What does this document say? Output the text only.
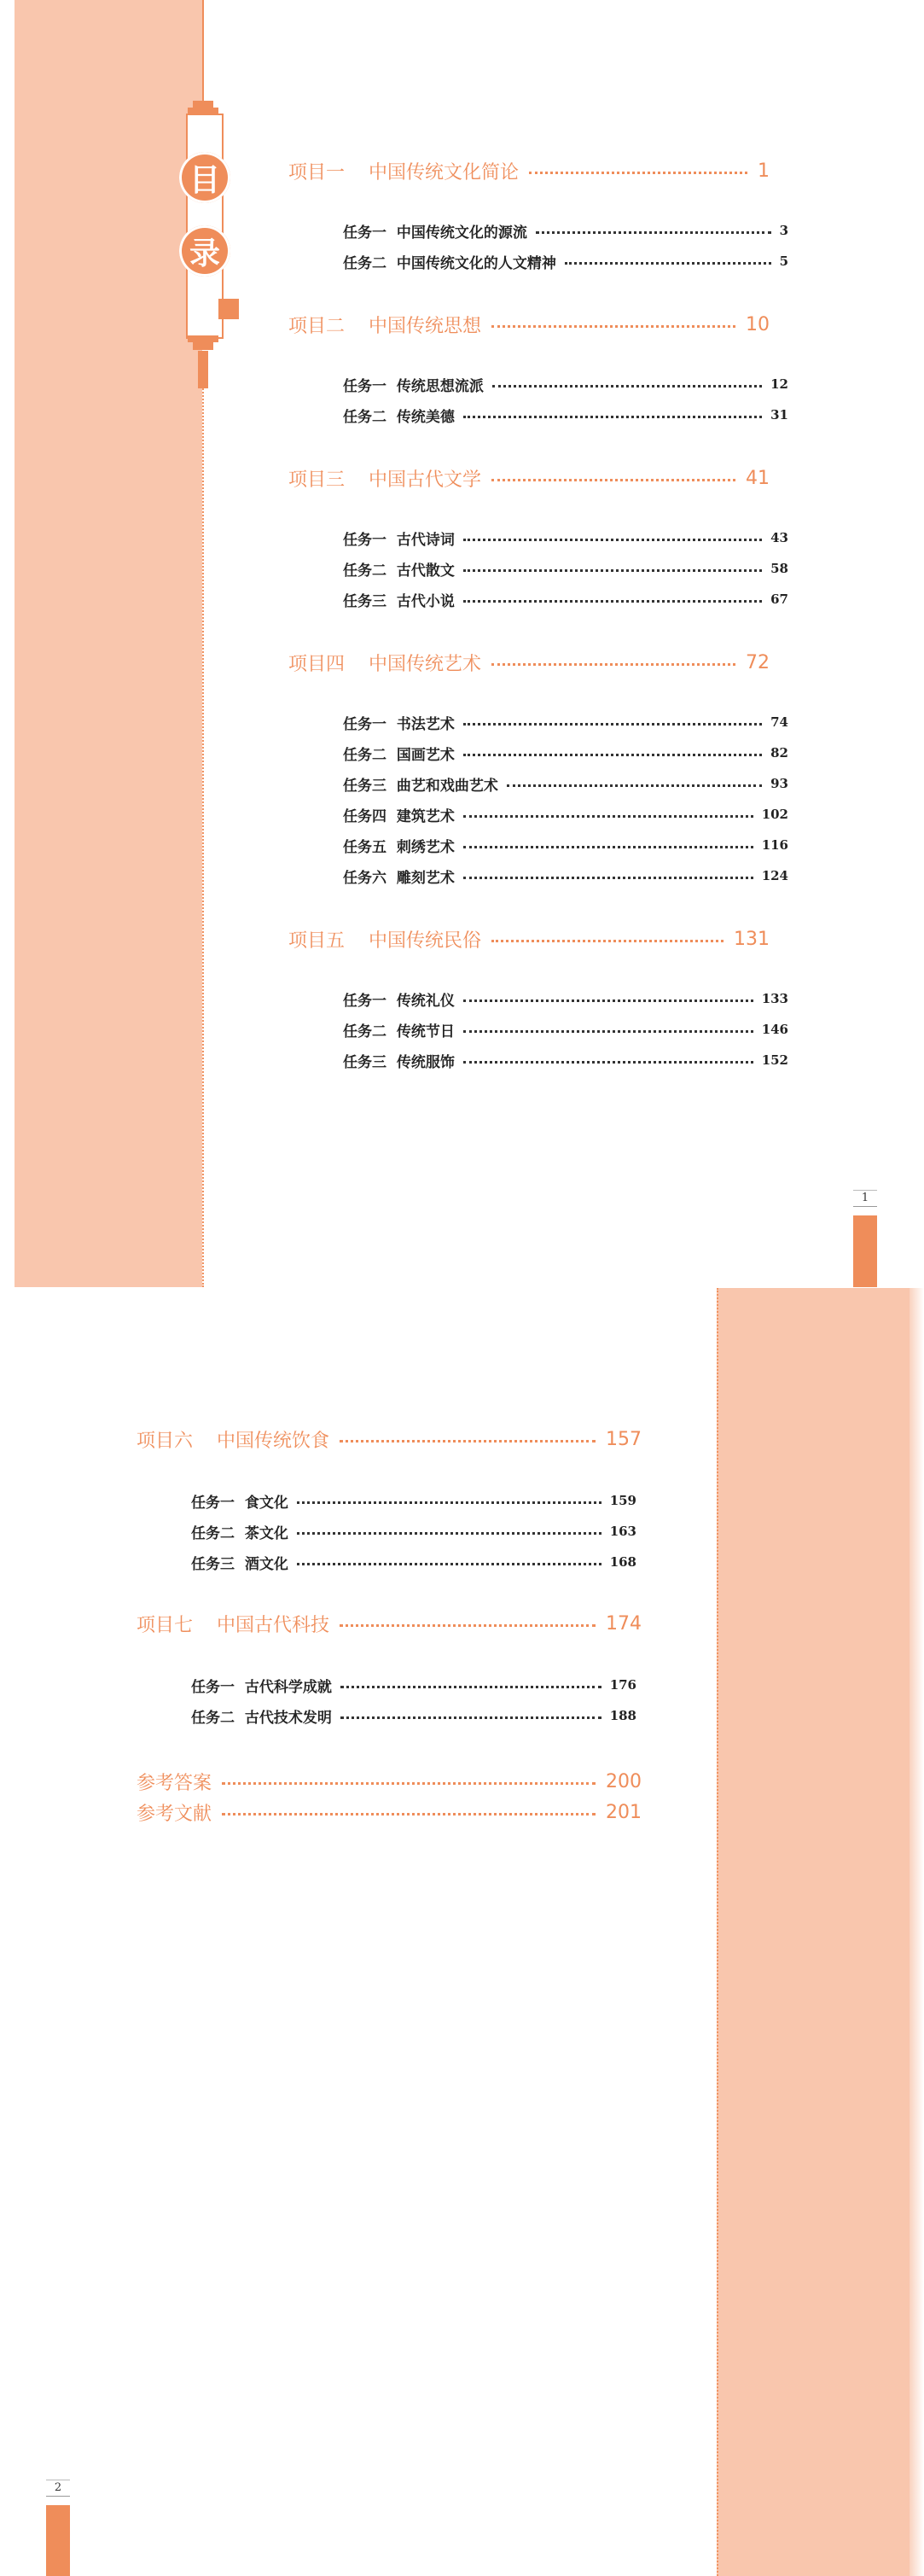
目
录
项目一    中国传统文化简论	1
任务一  中国传统文化的源流	3
任务二  中国传统文化的人文精神	5
项目二    中国传统思想	10
任务一  传统思想流派	12
任务二  传统美德	31
项目三    中国古代文学	41
任务一  古代诗词	43
任务二  古代散文	58
任务三  古代小说	67
项目四    中国传统艺术	72
任务一  书法艺术	74
任务二  国画艺术	82
任务三  曲艺和戏曲艺术	93
任务四  建筑艺术	102
任务五  刺绣艺术	116
任务六  雕刻艺术	124
项目五    中国传统民俗	131
任务一  传统礼仪	133
任务二  传统节日	146
任务三  传统服饰	152
1
项目六    中国传统饮食	157
任务一  食文化	159
任务二  茶文化	163
任务三  酒文化	168
项目七    中国古代科技	174
任务一  古代科学成就	176
任务二  古代技术发明	188
参考答案	200
参考文献	201
2
